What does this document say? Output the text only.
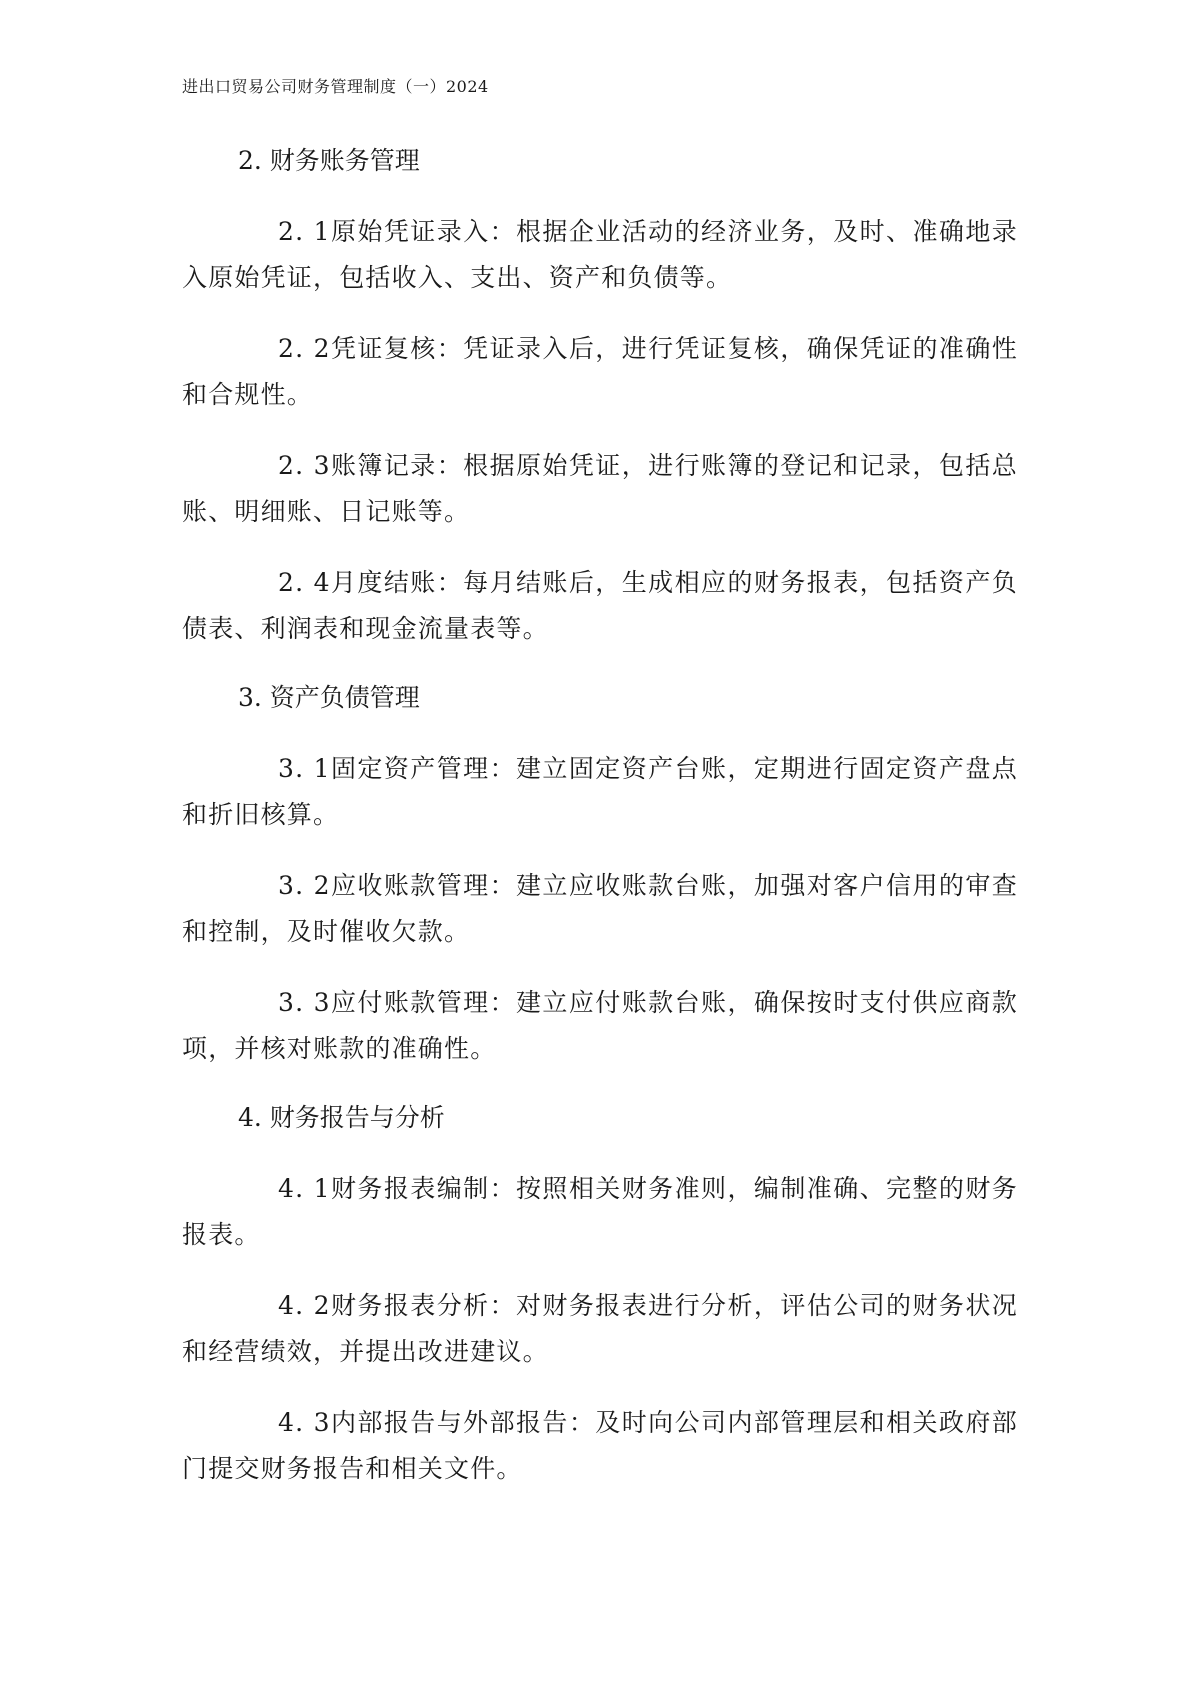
进出口贸易公司财务管理制度（一）2024

2. 财务账务管理

2. 1原始凭证录入：根据企业活动的经济业务，及时、准确地录入原始凭证，包括收入、支出、资产和负债等。

2. 2凭证复核：凭证录入后，进行凭证复核，确保凭证的准确性和合规性。

2. 3账簿记录：根据原始凭证，进行账簿的登记和记录，包括总账、明细账、日记账等。

2. 4月度结账：每月结账后，生成相应的财务报表，包括资产负债表、利润表和现金流量表等。

3. 资产负债管理

3. 1固定资产管理：建立固定资产台账，定期进行固定资产盘点和折旧核算。

3. 2应收账款管理：建立应收账款台账，加强对客户信用的审查和控制，及时催收欠款。

3. 3应付账款管理：建立应付账款台账，确保按时支付供应商款项，并核对账款的准确性。

4. 财务报告与分析

4. 1财务报表编制：按照相关财务准则，编制准确、完整的财务报表。

4. 2财务报表分析：对财务报表进行分析，评估公司的财务状况和经营绩效，并提出改进建议。

4. 3内部报告与外部报告：及时向公司内部管理层和相关政府部门提交财务报告和相关文件。
